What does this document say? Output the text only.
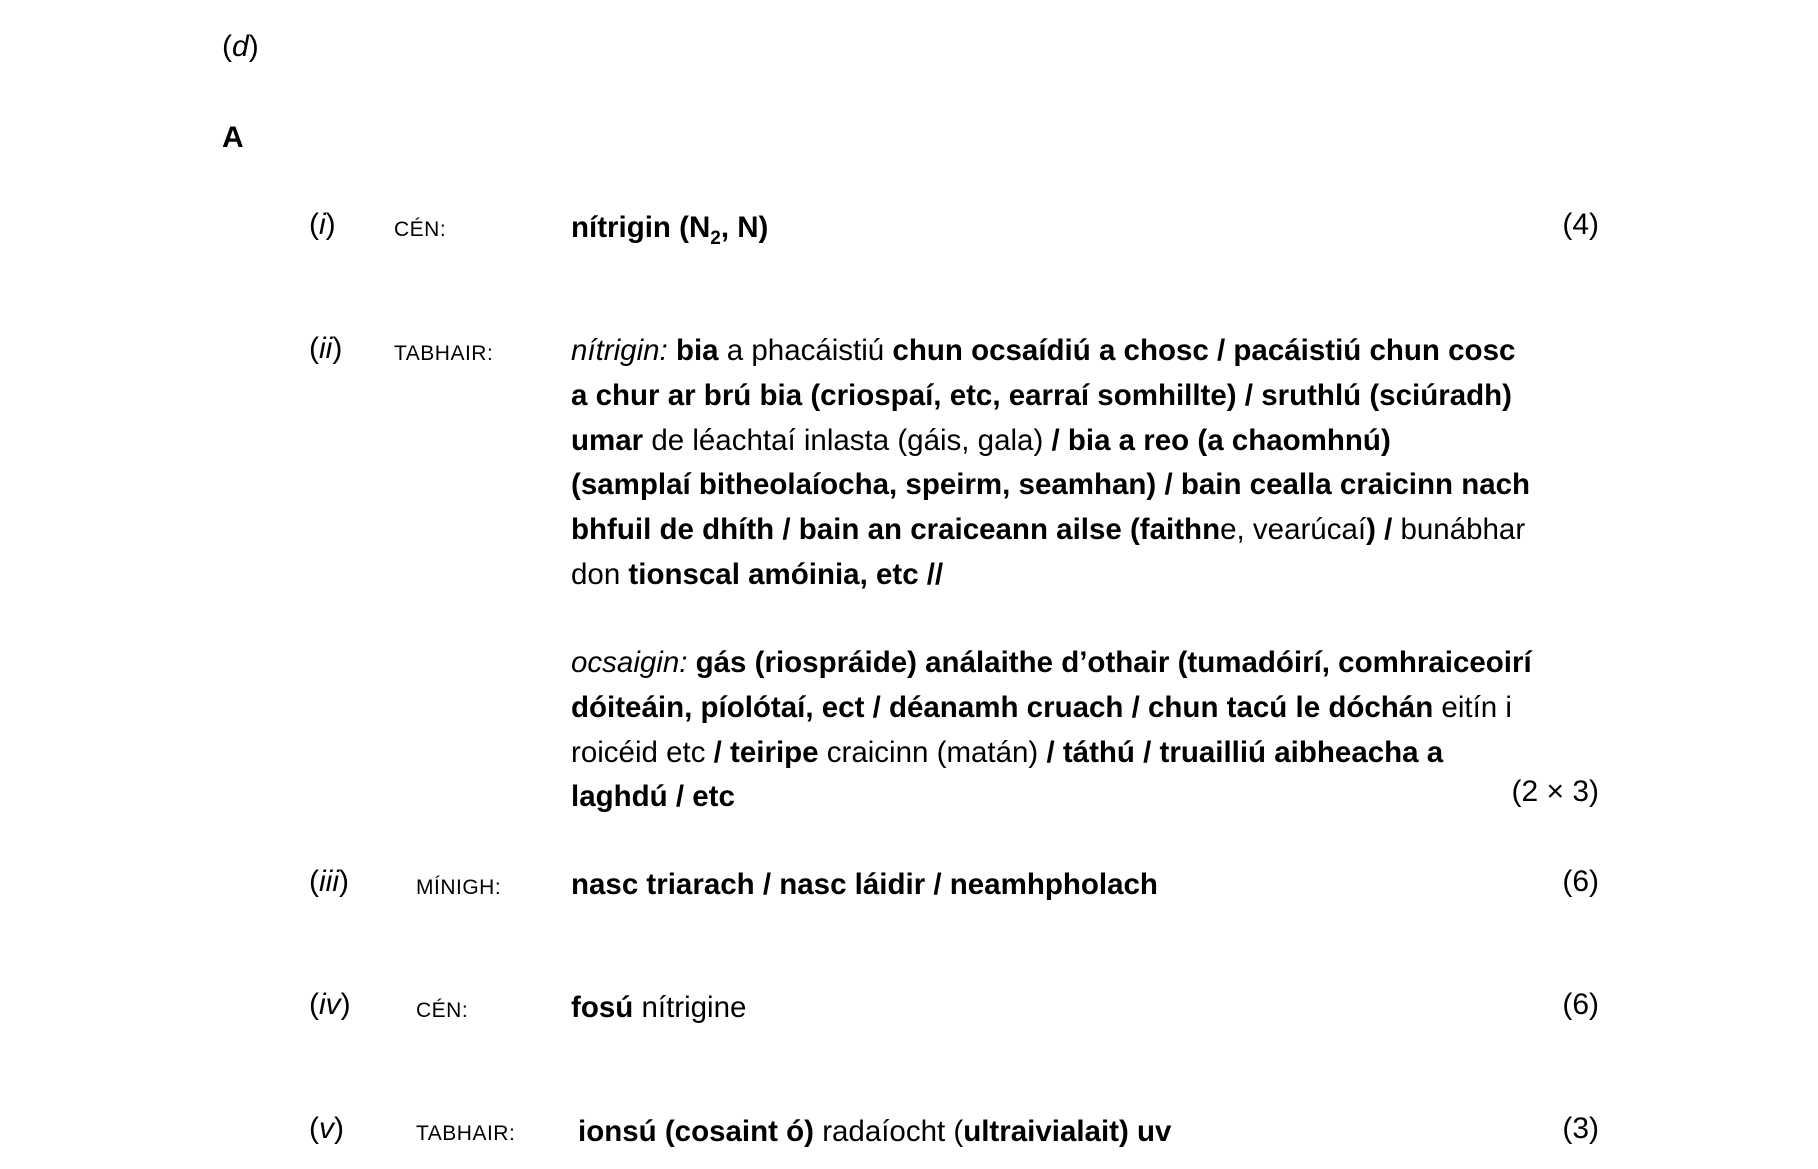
(d)
A
(i)	CÉN:	nítrigin ($N_2$, N)	(4)
(ii) TABHAIR:	nítrigin: bia a phacáistiú chun ocsaídiú a chosc / pacáistiú chun cosc
a chur ar brú bia (criospaí, etc, earraí somhillte) / sruthlú (sciúradh)
umar de léachtaí inlasta (gáis, gala) / bia a reo (a chaomhnú)
(samplaí bitheolaíocha, speirm, seamhan) / bain cealla craicinn nach
bhfuil de dhíth / bain an craiceann ailse (faithne, vearúcaí) / bunábhar
don tionscal amóinia, etc //
ocsaigin: gás (riospráide) análaithe d’othair (tumadóirí, comhraiceoirí
dóiteáin, píolótaí, ect / déanamh cruach / chun tacú le dóchán eitín i
roicéid etc / teiripe craicinn (matán) / táthú / truailliú aibheacha a
laghdú / etc	(2 × 3)
(iii)	MÍNIGH: nasc triarach / nasc láidir / neamhpholach	(6)
(iv)	CÉN:	fosú nítrigine	(6)
(v)	TABHAIR: ionsú (cosaint ó) radaíocht (ultraivialait) uv	(3)
